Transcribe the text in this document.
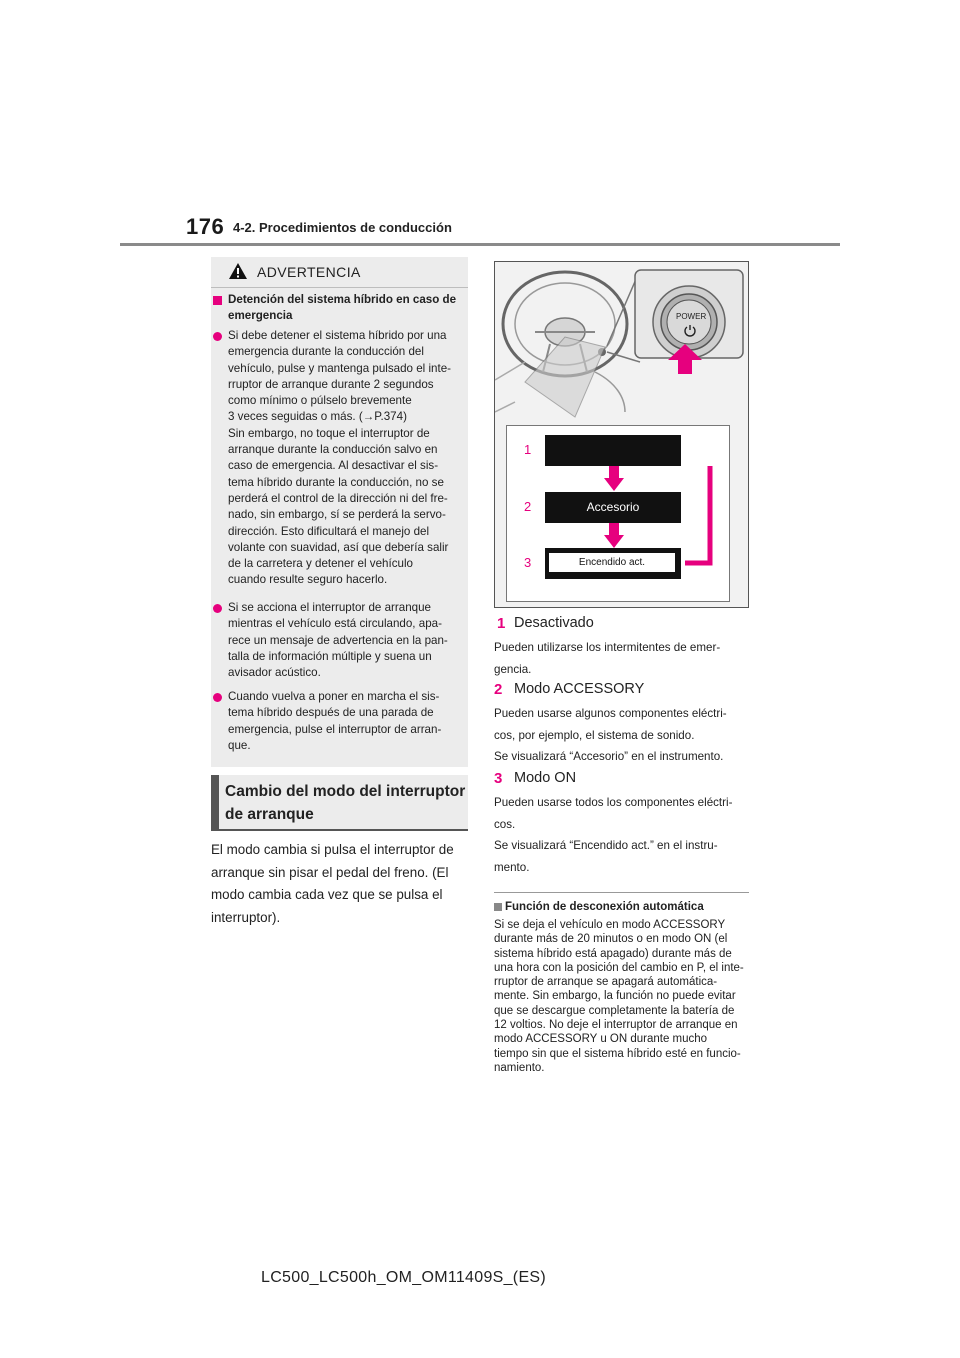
176 4-2. Procedimientos de conducción
ADVERTENCIA
Detención del sistema híbrido en caso de
emergencia
Si debe detener el sistema híbrido por una
emergencia durante la conducción del
vehículo, pulse y mantenga pulsado el inte-
rruptor de arranque durante 2 segundos
como mínimo o púlselo brevemente
3 veces seguidas o más. (→P.374)
Sin embargo, no toque el interruptor de
arranque durante la conducción salvo en
caso de emergencia. Al desactivar el sis-
tema híbrido durante la conducción, no se
perderá el control de la dirección ni del fre-
nado, sin embargo, sí se perderá la servo-
dirección. Esto dificultará el manejo del
volante con suavidad, así que debería salir
de la carretera y detener el vehículo
cuando resulte seguro hacerlo.
Si se acciona el interruptor de arranque
mientras el vehículo está circulando, apa-
rece un mensaje de advertencia en la pan-
talla de información múltiple y suena un
avisador acústico.
Cuando vuelva a poner en marcha el sis-
tema híbrido después de una parada de
emergencia, pulse el interruptor de arran-
que.
Cambio del modo del interruptor
de arranque
El modo cambia si pulsa el interruptor de
arranque sin pisar el pedal del freno. (El
modo cambia cada vez que se pulsa el
interruptor).
POWER
1
2	Accesorio
3	Encendido act.
1 Desactivado
Pueden utilizarse los intermitentes de emer-
gencia.
2 Modo ACCESSORY
Pueden usarse algunos componentes eléctri-
cos, por ejemplo, el sistema de sonido.
Se visualizará “Accesorio” en el instrumento.
3 Modo ON
Pueden usarse todos los componentes eléctri-
cos.
Se visualizará “Encendido act.” en el instru-
mento.
Función de desconexión automática
Si se deja el vehículo en modo ACCESSORY
durante más de 20 minutos o en modo ON (el
sistema híbrido está apagado) durante más de
una hora con la posición del cambio en P, el inte-
rruptor de arranque se apagará automática-
mente. Sin embargo, la función no puede evitar
que se descargue completamente la batería de
12 voltios. No deje el interruptor de arranque en
modo ACCESSORY u ON durante mucho
tiempo sin que el sistema híbrido esté en funcio-
namiento.
LC500_LC500h_OM_OM11409S_(ES)
